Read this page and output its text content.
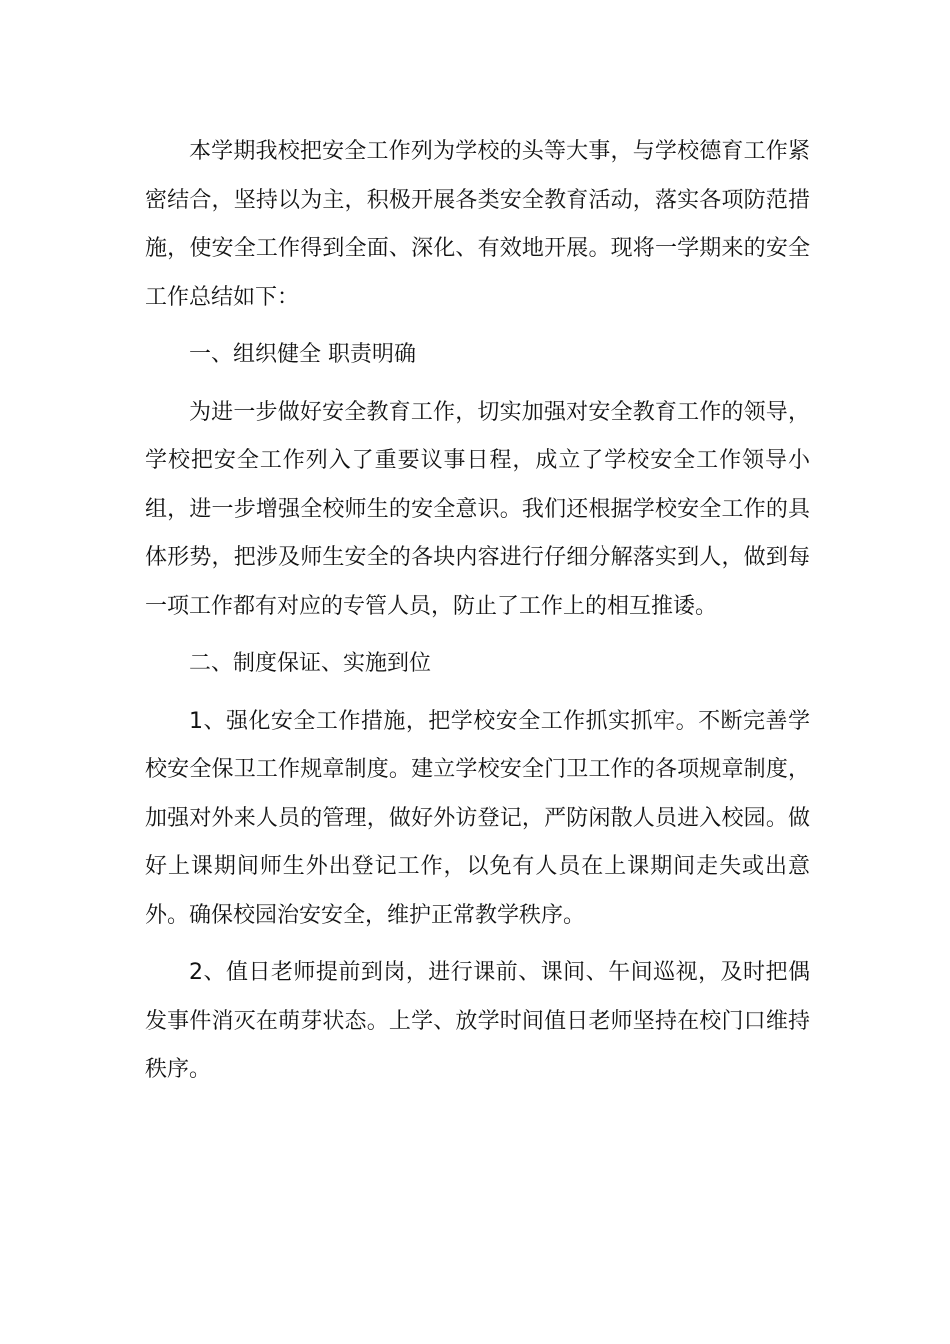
本学期我校把安全工作列为学校的头等大事，与学校德育工作紧密结合，坚持以为主，积极开展各类安全教育活动，落实各项防范措施，使安全工作得到全面、深化、有效地开展。现将一学期来的安全工作总结如下：

一、组织健全 职责明确

为进一步做好安全教育工作，切实加强对安全教育工作的领导，学校把安全工作列入了重要议事日程，成立了学校安全工作领导小组，进一步增强全校师生的安全意识。我们还根据学校安全工作的具体形势，把涉及师生安全的各块内容进行仔细分解落实到人，做到每一项工作都有对应的专管人员，防止了工作上的相互推诿。

二、制度保证、实施到位

1、强化安全工作措施，把学校安全工作抓实抓牢。不断完善学校安全保卫工作规章制度。建立学校安全门卫工作的各项规章制度，加强对外来人员的管理，做好外访登记，严防闲散人员进入校园。做好上课期间师生外出登记工作，以免有人员在上课期间走失或出意外。确保校园治安安全，维护正常教学秩序。

2、值日老师提前到岗，进行课前、课间、午间巡视，及时把偶发事件消灭在萌芽状态。上学、放学时间值日老师坚持在校门口维持秩序。
